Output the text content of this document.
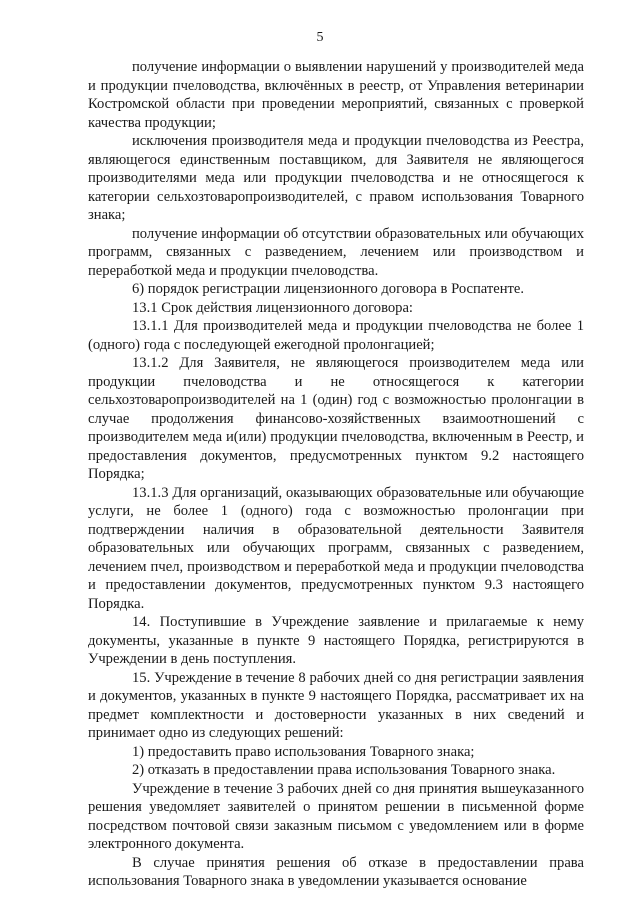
5

получение информации о выявлении нарушений у производителей меда и продукции пчеловодства, включённых в реестр, от Управления ветеринарии Костромской области при проведении мероприятий, связанных с проверкой качества продукции;

исключения производителя меда и продукции пчеловодства из Реестра, являющегося единственным поставщиком, для Заявителя не являющегося производителями меда или продукции пчеловодства и не относящегося к категории сельхозтоваропроизводителей, с правом использования Товарного знака;

получение информации об отсутствии образовательных или обучающих программ, связанных с разведением, лечением или производством и переработкой меда и продукции пчеловодства.

6) порядок регистрации лицензионного договора в Роспатенте.

13.1 Срок действия лицензионного договора:

13.1.1 Для производителей меда и продукции пчеловодства не более 1 (одного) года с последующей ежегодной пролонгацией;

13.1.2 Для Заявителя, не являющегося производителем меда или продукции пчеловодства и не относящегося к категории сельхозтоваропроизводителей на 1 (один) год с возможностью пролонгации в случае продолжения финансово-хозяйственных взаимоотношений с производителем меда и(или) продукции пчеловодства, включенным в Реестр, и предоставления документов, предусмотренных пунктом 9.2 настоящего Порядка;

13.1.3 Для организаций, оказывающих образовательные или обучающие услуги, не более 1 (одного) года с возможностью пролонгации при подтверждении наличия в образовательной деятельности Заявителя образовательных или обучающих программ, связанных с разведением, лечением пчел, производством и переработкой меда и продукции пчеловодства и предоставлении документов, предусмотренных пунктом 9.3 настоящего Порядка.

14. Поступившие в Учреждение заявление и прилагаемые к нему документы, указанные в пункте 9 настоящего Порядка, регистрируются в Учреждении в день поступления.

15. Учреждение в течение 8 рабочих дней со дня регистрации заявления и документов, указанных в пункте 9 настоящего Порядка, рассматривает их на предмет комплектности и достоверности указанных в них сведений и принимает одно из следующих решений:

1) предоставить право использования Товарного знака;

2) отказать в предоставлении права использования Товарного знака.

Учреждение в течение 3 рабочих дней со дня принятия вышеуказанного решения уведомляет заявителей о принятом решении в письменной форме посредством почтовой связи заказным письмом с уведомлением или в форме электронного документа.

В случае принятия решения об отказе в предоставлении права использования Товарного знака в уведомлении указывается основание
